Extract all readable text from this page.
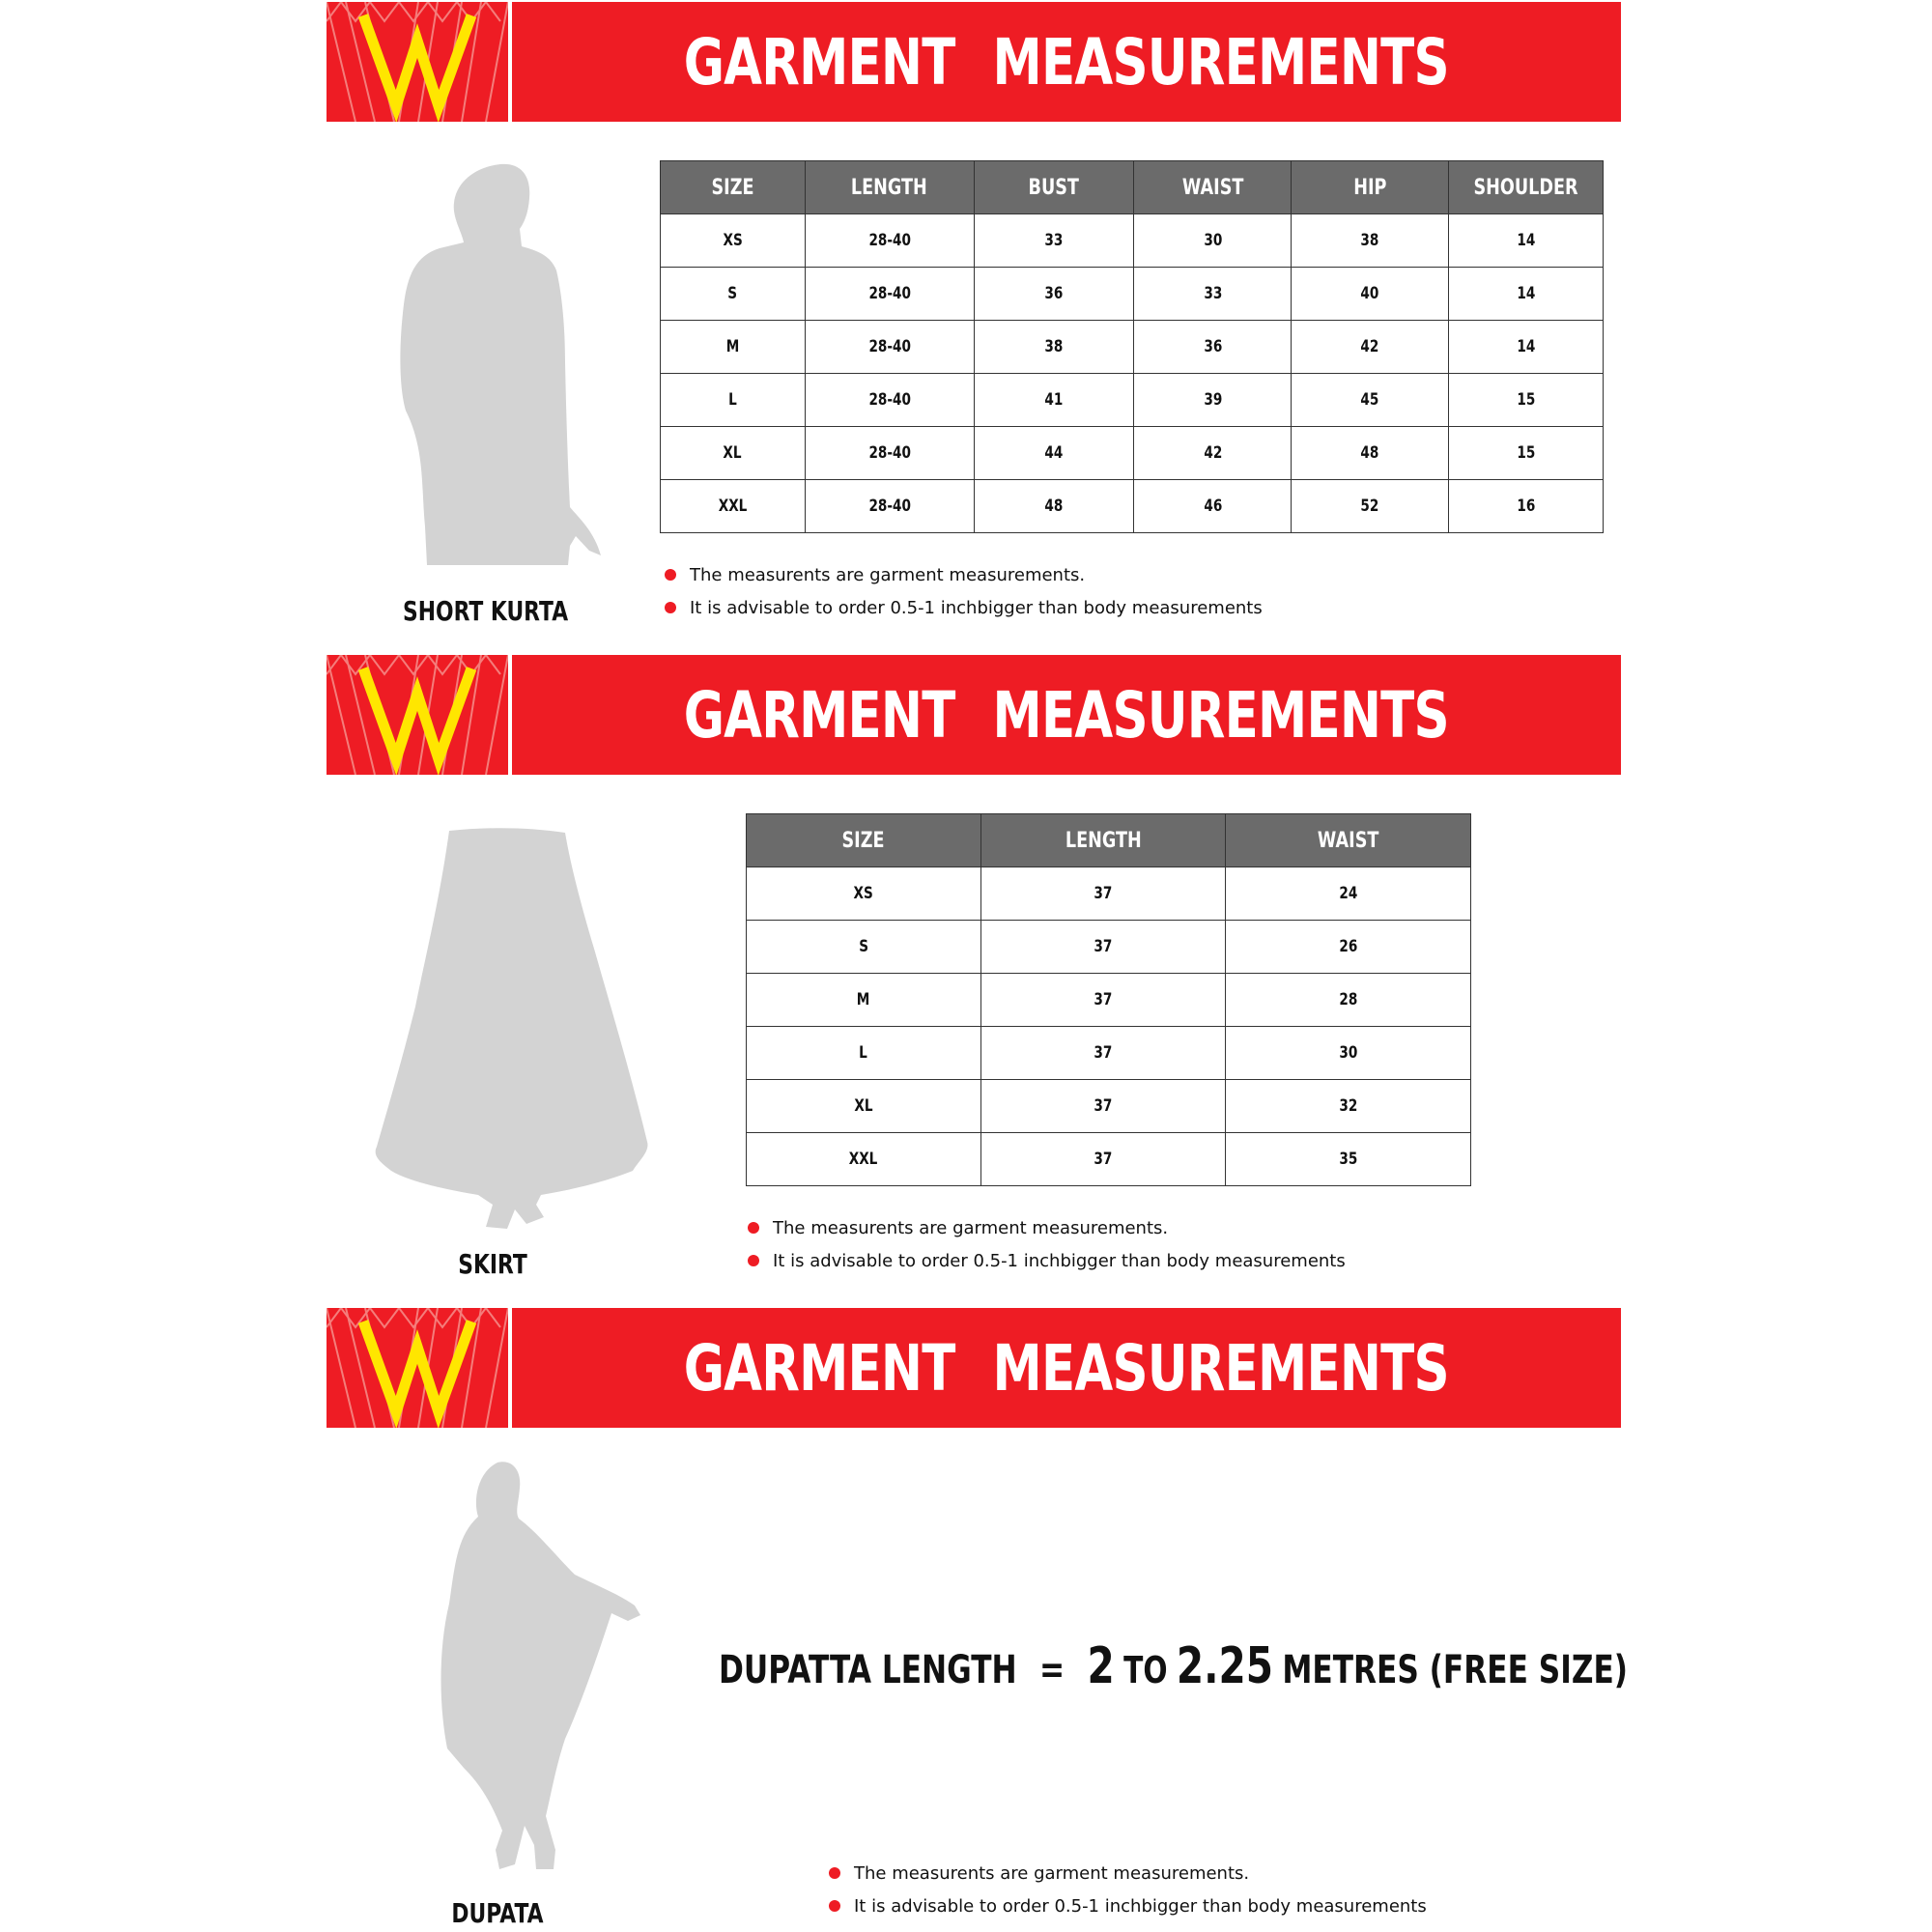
GARMENT MEASUREMENTS
SHORT KURTA
SIZE	LENGTH	BUST	WAIST	HIP	SHOULDER
XS	28-40	33	30	38	14
S	28-40	36	33	40	14
M	28-40	38	36	42	14
L	28-40	41	39	45	15
XL	28-40	44	42	48	15
XXL	28-40	48	46	52	16
The measurents are garment measurements.
It is advisable to order 0.5-1 inchbigger than body measurements
GARMENT MEASUREMENTS
SKIRT
SIZE	LENGTH	WAIST
XS	37	24
S	37	26
M	37	28
L	37	30
XL	37	32
XXL	37	35
The measurents are garment measurements.
It is advisable to order 0.5-1 inchbigger than body measurements
GARMENT MEASUREMENTS
DUPATA
The measurents are garment measurements.
It is advisable to order 0.5-1 inchbigger than body measurements
DUPATTA LENGTH = 2 TO 2.25 METRES (FREE SIZE)
